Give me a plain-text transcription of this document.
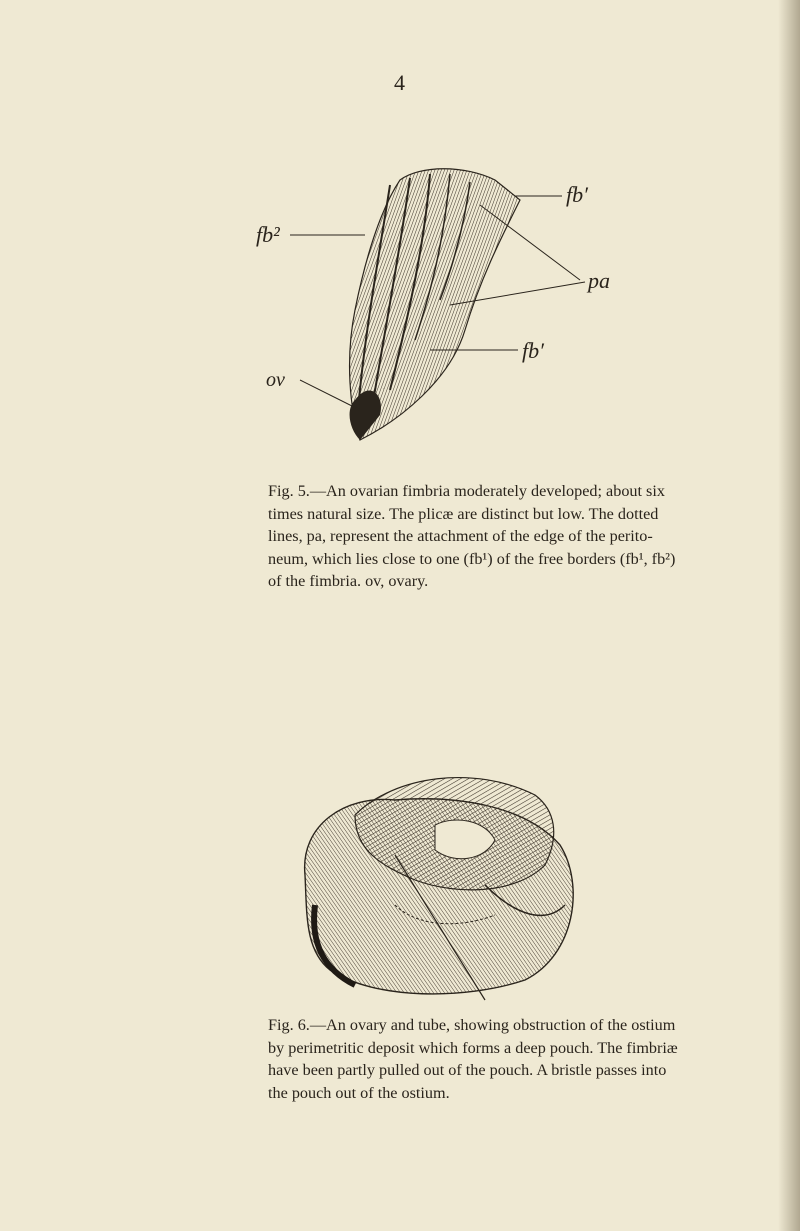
4
fb′
pa
fb′
fb²
ov
Fig. 5.—An ovarian fimbria moderately developed; about six
times natural size. The plicæ are distinct but low. The dotted
lines, pa, represent the attachment of the edge of the perito-
neum, which lies close to one (fb¹) of the free borders (fb¹, fb²)
of the fimbria. ov, ovary.
Fig. 6.—An ovary and tube, showing obstruction of the ostium
by perimetritic deposit which forms a deep pouch. The fimbriæ
have been partly pulled out of the pouch. A bristle passes into
the pouch out of the ostium.
